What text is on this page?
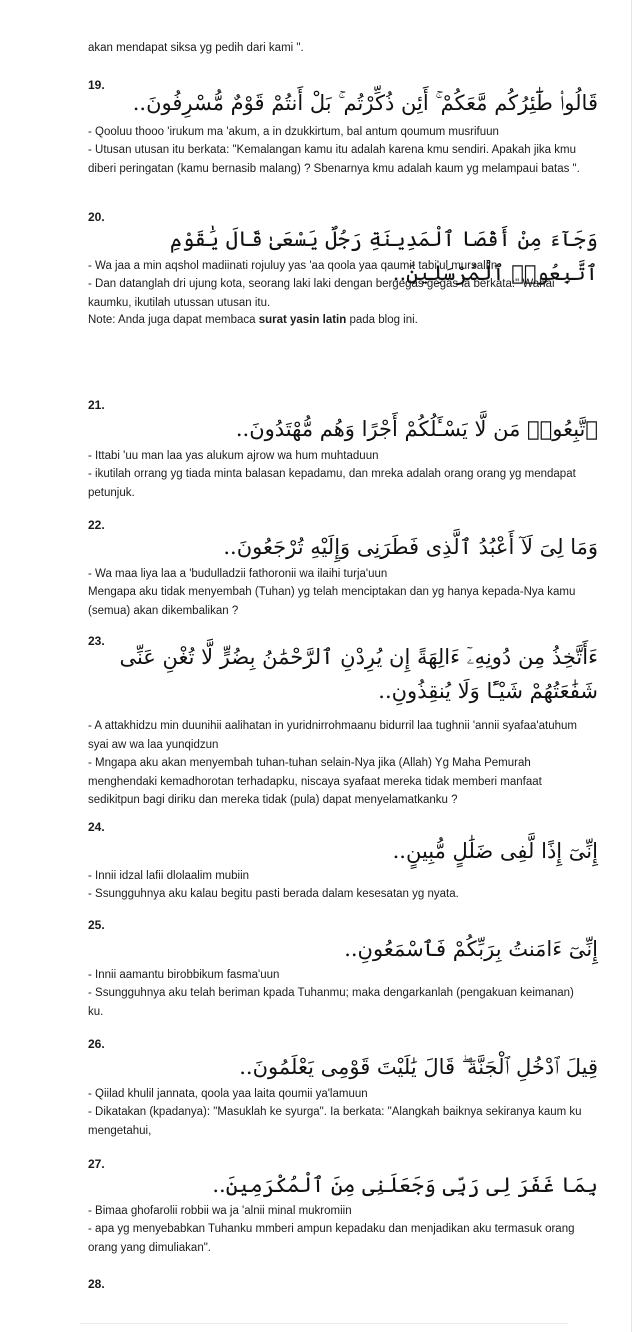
akan mendapat siksa yg pedih dari kami ".
19.
قَالُوا۟ طَٰٓئِرُكُم مَّعَكُمْ ۚ أَئِن ذُكِّرْتُم ۚ بَلْ أَنتُمْ قَوْمٌ مُّسْرِفُونَ..
- Qooluu thooo 'irukum ma 'akum, a in dzukkirtum, bal antum qoumum musrifuun
- Utusan utusan itu berkata: "Kemalangan kamu itu adalah karena kmu sendiri. Apakah jika kmu diberi peringatan (kamu bernasib malang) ? Sbenarnya kmu adalah kaum yg melampaui batas ".
20.
وَجَآءَ مِنْ أَقْصَا ٱلْمَدِينَةِ رَجُلٌ يَسْعَىٰ قَالَ يَٰقَوْمِ ٱتَّبِعُوا۟ ٱلْمُرْسَلِينَ..
- Wa jaa a min aqshol madiinati rojuluy yas 'aa qoola yaa qaumit tabi'ul mursaliin
- Dan datanglah dri ujung kota, seorang laki laki dengan bergegas gegas ia berkata:" Wahai kaumku, ikutilah utussan utusan itu.
Note: Anda juga dapat membaca surat yasin latin pada blog ini.
21.
ٱتَّبِعُوا۟ مَن لَّا يَسْـَٔلُكُمْ أَجْرًا وَهُم مُّهْتَدُونَ..
- Ittabi 'uu man laa yas alukum ajrow wa hum muhtaduun
- ikutilah orrang yg tiada minta balasan kepadamu, dan mreka adalah orang orang yg mendapat petunjuk.
22.
وَمَا لِىَ لَآ أَعْبُدُ ٱلَّذِى فَطَرَنِى وَإِلَيْهِ تُرْجَعُونَ..
- Wa maa liya laa a 'budulladzii fathoronii wa ilaihi turja'uun
Mengapa aku tidak menyembah (Tuhan) yg telah menciptakan dan yg hanya kepada-Nya kamu (semua) akan dikembalikan ?
23.
ءَأَتَّخِذُ مِن دُونِهِۦٓ ءَالِهَةً إِن يُرِدْنِ ٱلرَّحْمَٰنُ بِضُرٍّ لَّا تُغْنِ عَنِّى شَفَٰعَتُهُمْ شَيْـًٔا وَلَا يُنقِذُونِ..
- A attakhidzu min duunihii aalihatan in yuridnirrohmaanu bidurril laa tughnii 'annii syafaa'atuhum syai aw wa laa yunqidzun
- Mngapa aku akan menyembah tuhan-tuhan selain-Nya jika (Allah) Yg Maha Pemurah menghendaki kemadhorotan terhadapku, niscaya syafaat mereka tidak memberi manfaat sedikitpun bagi diriku dan mereka tidak (pula) dapat menyelamatkanku ?
24.
إِنِّىٓ إِذًا لَّفِى ضَلَٰلٍ مُّبِينٍ..
- Innii idzal lafii dlolaalim mubiin
- Ssungguhnya aku kalau begitu pasti berada dalam kesesatan yg nyata.
25.
إِنِّىٓ ءَامَنتُ بِرَبِّكُمْ فَٱسْمَعُونِ..
- Innii aamantu birobbikum fasma'uun
- Ssungguhnya aku telah beriman kpada Tuhanmu; maka dengarkanlah (pengakuan keimanan) ku.
26.
قِيلَ ٱدْخُلِ ٱلْجَنَّةَ ۖ قَالَ يَٰلَيْتَ قَوْمِى يَعْلَمُونَ..
- Qiilad khulil jannata, qoola yaa laita qoumii ya'lamuun
- Dikatakan (kpadanya): "Masuklah ke syurga". Ia berkata: "Alangkah baiknya sekiranya kaum ku mengetahui,
27.
بِمَا غَفَرَ لِى رَبِّى وَجَعَلَنِى مِنَ ٱلْمُكْرَمِينَ..
- Bimaa ghofarolii robbii wa ja 'alnii minal mukromiin
- apa yg menyebabkan Tuhanku mmberi ampun kepadaku dan menjadikan aku termasuk orang orang yang dimuliakan".
28.
